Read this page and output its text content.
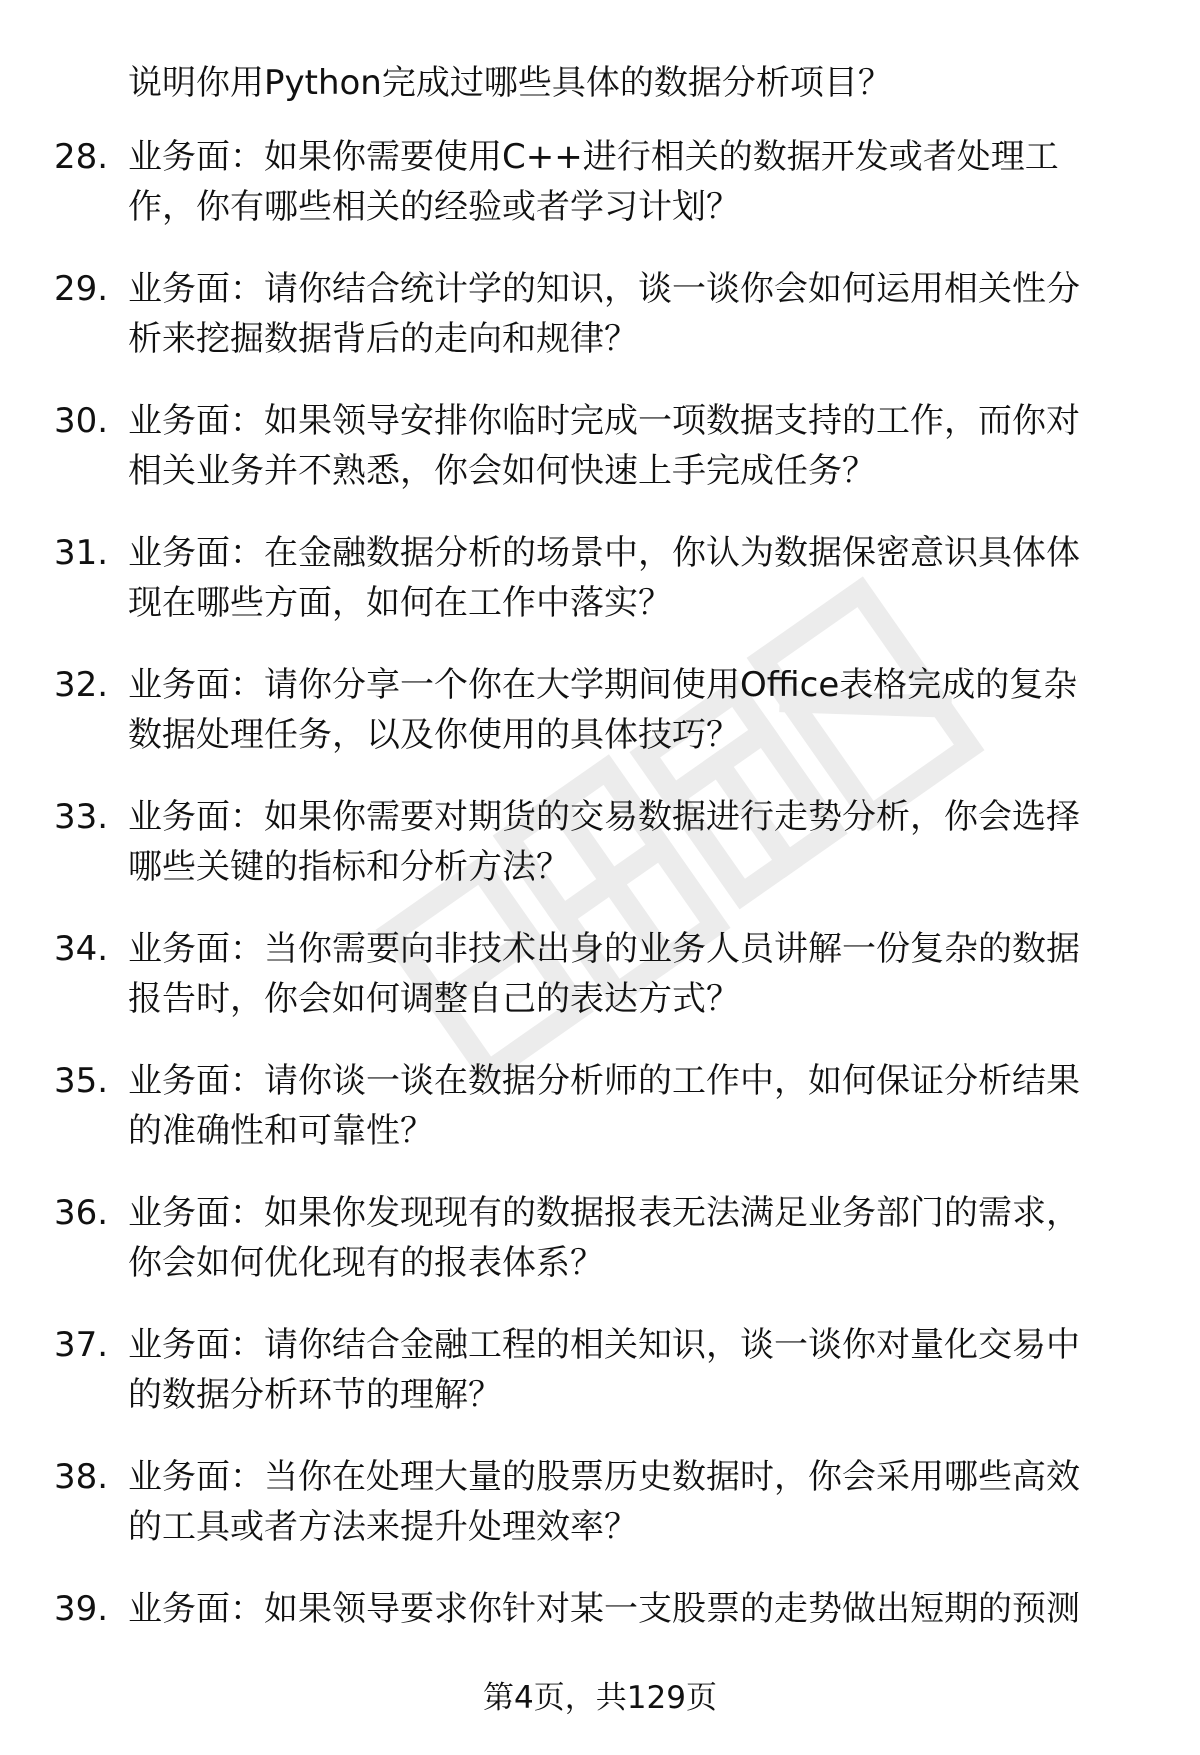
说明你用Python完成过哪些具体的数据分析项目？
28. 业务面：如果你需要使用C++进行相关的数据开发或者处理工
作，你有哪些相关的经验或者学习计划？
29. 业务面：请你结合统计学的知识，谈一谈你会如何运用相关性分
析来挖掘数据背后的走向和规律？
30. 业务面：如果领导安排你临时完成一项数据支持的工作，而你对
相关业务并不熟悉，你会如何快速上手完成任务？
31. 业务面：在金融数据分析的场景中，你认为数据保密意识具体体
现在哪些方面，如何在工作中落实？
32. 业务面：请你分享一个你在大学期间使用Office表格完成的复杂
数据处理任务，以及你使用的具体技巧？
33. 业务面：如果你需要对期货的交易数据进行走势分析，你会选择
哪些关键的指标和分析方法？
34. 业务面：当你需要向非技术出身的业务人员讲解一份复杂的数据
报告时，你会如何调整自己的表达方式？
35. 业务面：请你谈一谈在数据分析师的工作中，如何保证分析结果
的准确性和可靠性？
36. 业务面：如果你发现现有的数据报表无法满足业务部门的需求，
你会如何优化现有的报表体系？
37. 业务面：请你结合金融工程的相关知识，谈一谈你对量化交易中
的数据分析环节的理解？
38. 业务面：当你在处理大量的股票历史数据时，你会采用哪些高效
的工具或者方法来提升处理效率？
39. 业务面：如果领导要求你针对某一支股票的走势做出短期的预测
第4页，共129页
